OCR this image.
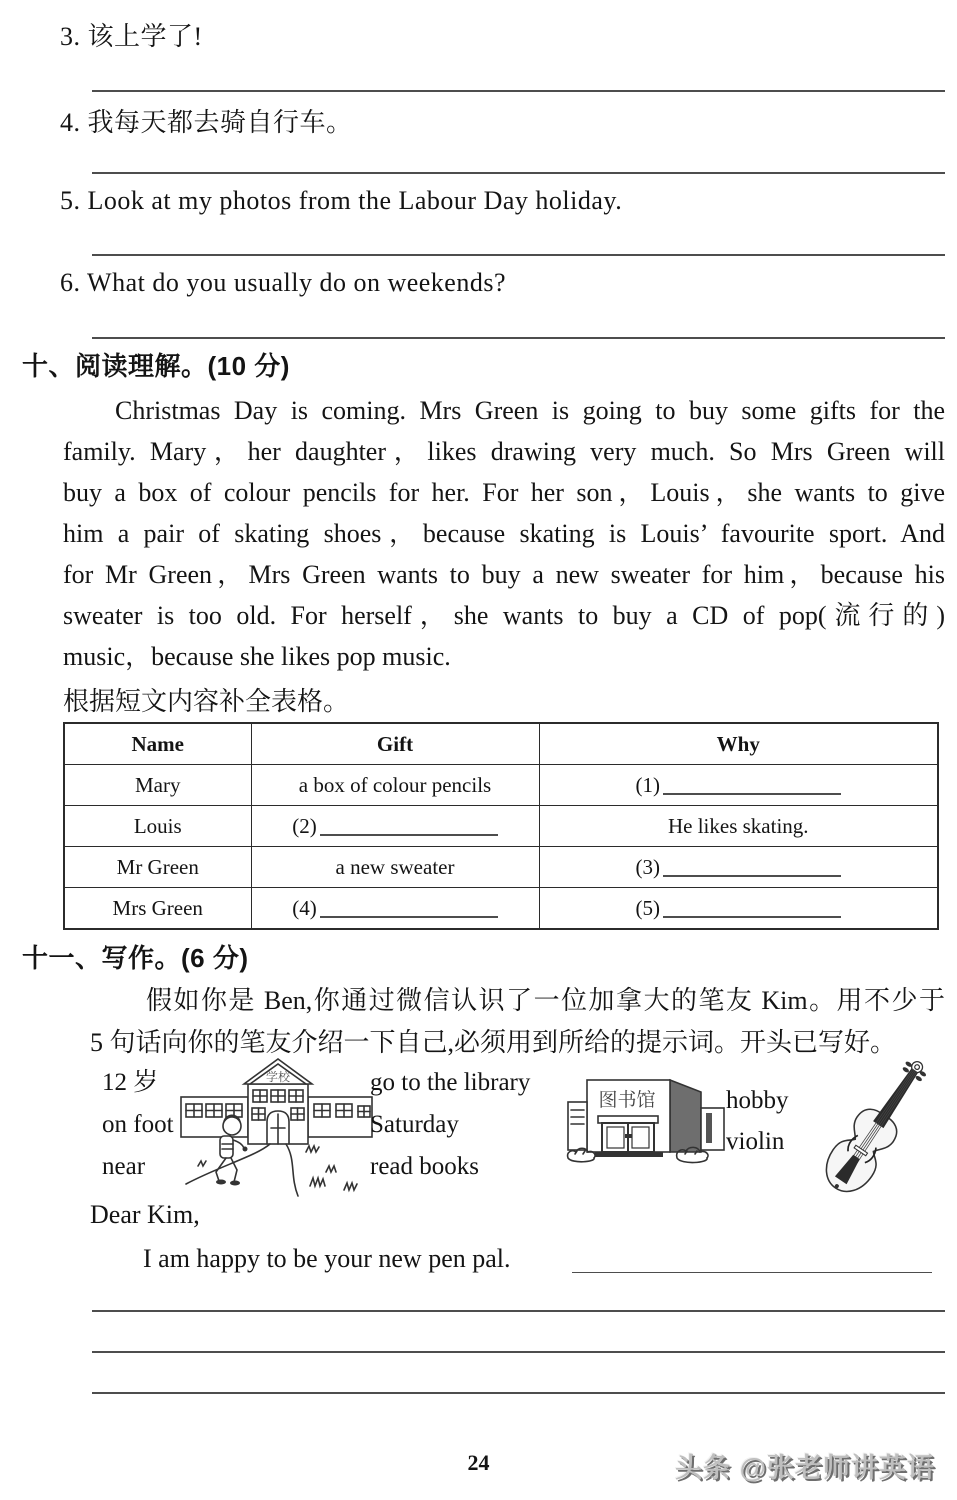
3. 该上学了!
4. 我每天都去骑自行车。
5. Look at my photos from the Labour Day holiday.
6. What do you usually do on weekends?
十、阅读理解。(10 分)
Christmas Day is coming. Mrs Green is going to buy some gifts for the
family. Mary，her daughter，likes drawing very much. So Mrs Green will
buy a box of colour pencils for her. For her son，Louis，she wants to give
him a pair of skating shoes，because skating is Louis’ favourite sport. And
for Mr Green，Mrs Green wants to buy a new sweater for him，because his
sweater is too old. For herself，she wants to buy a CD of pop(流行的)
music，because she likes pop music.
根据短文内容补全表格。
Name	Gift	Why
Mary	a box of colour pencils	(1)
Louis	(2)	He likes skating.
Mr Green	a new sweater	(3)
Mrs Green	(4)	(5)
十一、写作。(6 分)
假如你是 Ben,你通过微信认识了一位加拿大的笔友 Kim。用不少于
5 句话向你的笔友介绍一下自己,必须用到所给的提示词。开头已写好。
12 岁
on foot
near
学校	go to the library
Saturday
read books
图书馆	hobby
violin
Dear Kim,
I am happy to be your new pen pal.
24	头条 @张老师讲英语
